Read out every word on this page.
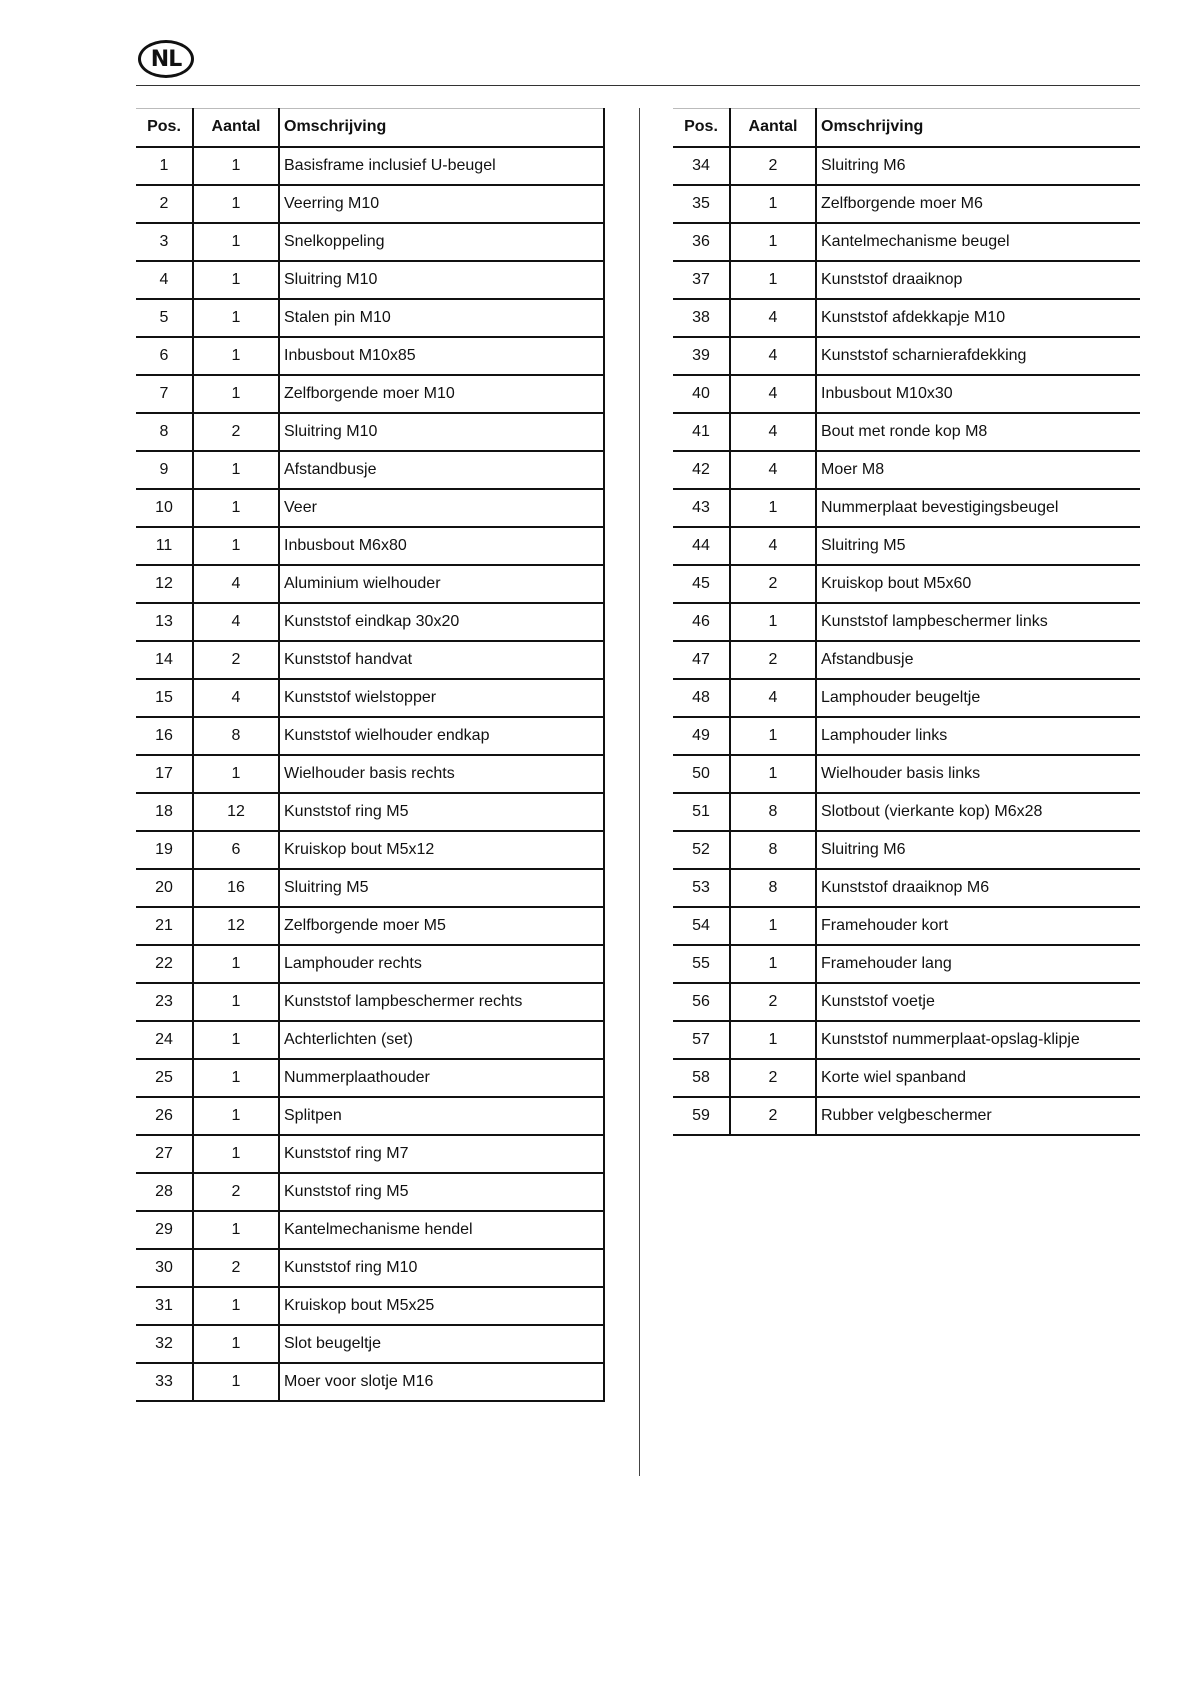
NL
Pos.	Aantal	Omschrijving
1	1	Basisframe inclusief U-beugel
2	1	Veerring M10
3	1	Snelkoppeling
4	1	Sluitring M10
5	1	Stalen pin M10
6	1	Inbusbout M10x85
7	1	Zelfborgende moer M10
8	2	Sluitring M10
9	1	Afstandbusje
10	1	Veer
11	1	Inbusbout M6x80
12	4	Aluminium wielhouder
13	4	Kunststof eindkap 30x20
14	2	Kunststof handvat
15	4	Kunststof wielstopper
16	8	Kunststof wielhouder endkap
17	1	Wielhouder basis rechts
18	12	Kunststof ring M5
19	6	Kruiskop bout M5x12
20	16	Sluitring M5
21	12	Zelfborgende moer M5
22	1	Lamphouder rechts
23	1	Kunststof lampbeschermer rechts
24	1	Achterlichten (set)
25	1	Nummerplaathouder
26	1	Splitpen
27	1	Kunststof ring M7
28	2	Kunststof ring M5
29	1	Kantelmechanisme hendel
30	2	Kunststof ring M10
31	1	Kruiskop bout M5x25
32	1	Slot beugeltje
33	1	Moer voor slotje M16
Pos.	Aantal	Omschrijving
34	2	Sluitring M6
35	1	Zelfborgende moer M6
36	1	Kantelmechanisme beugel
37	1	Kunststof draaiknop
38	4	Kunststof afdekkapje M10
39	4	Kunststof scharnierafdekking
40	4	Inbusbout M10x30
41	4	Bout met ronde kop M8
42	4	Moer M8
43	1	Nummerplaat bevestigingsbeugel
44	4	Sluitring M5
45	2	Kruiskop bout M5x60
46	1	Kunststof lampbeschermer links
47	2	Afstandbusje
48	4	Lamphouder beugeltje
49	1	Lamphouder links
50	1	Wielhouder basis links
51	8	Slotbout (vierkante kop) M6x28
52	8	Sluitring M6
53	8	Kunststof draaiknop M6
54	1	Framehouder kort
55	1	Framehouder lang
56	2	Kunststof voetje
57	1	Kunststof nummerplaat-opslag-klipje
58	2	Korte wiel spanband
59	2	Rubber velgbeschermer
